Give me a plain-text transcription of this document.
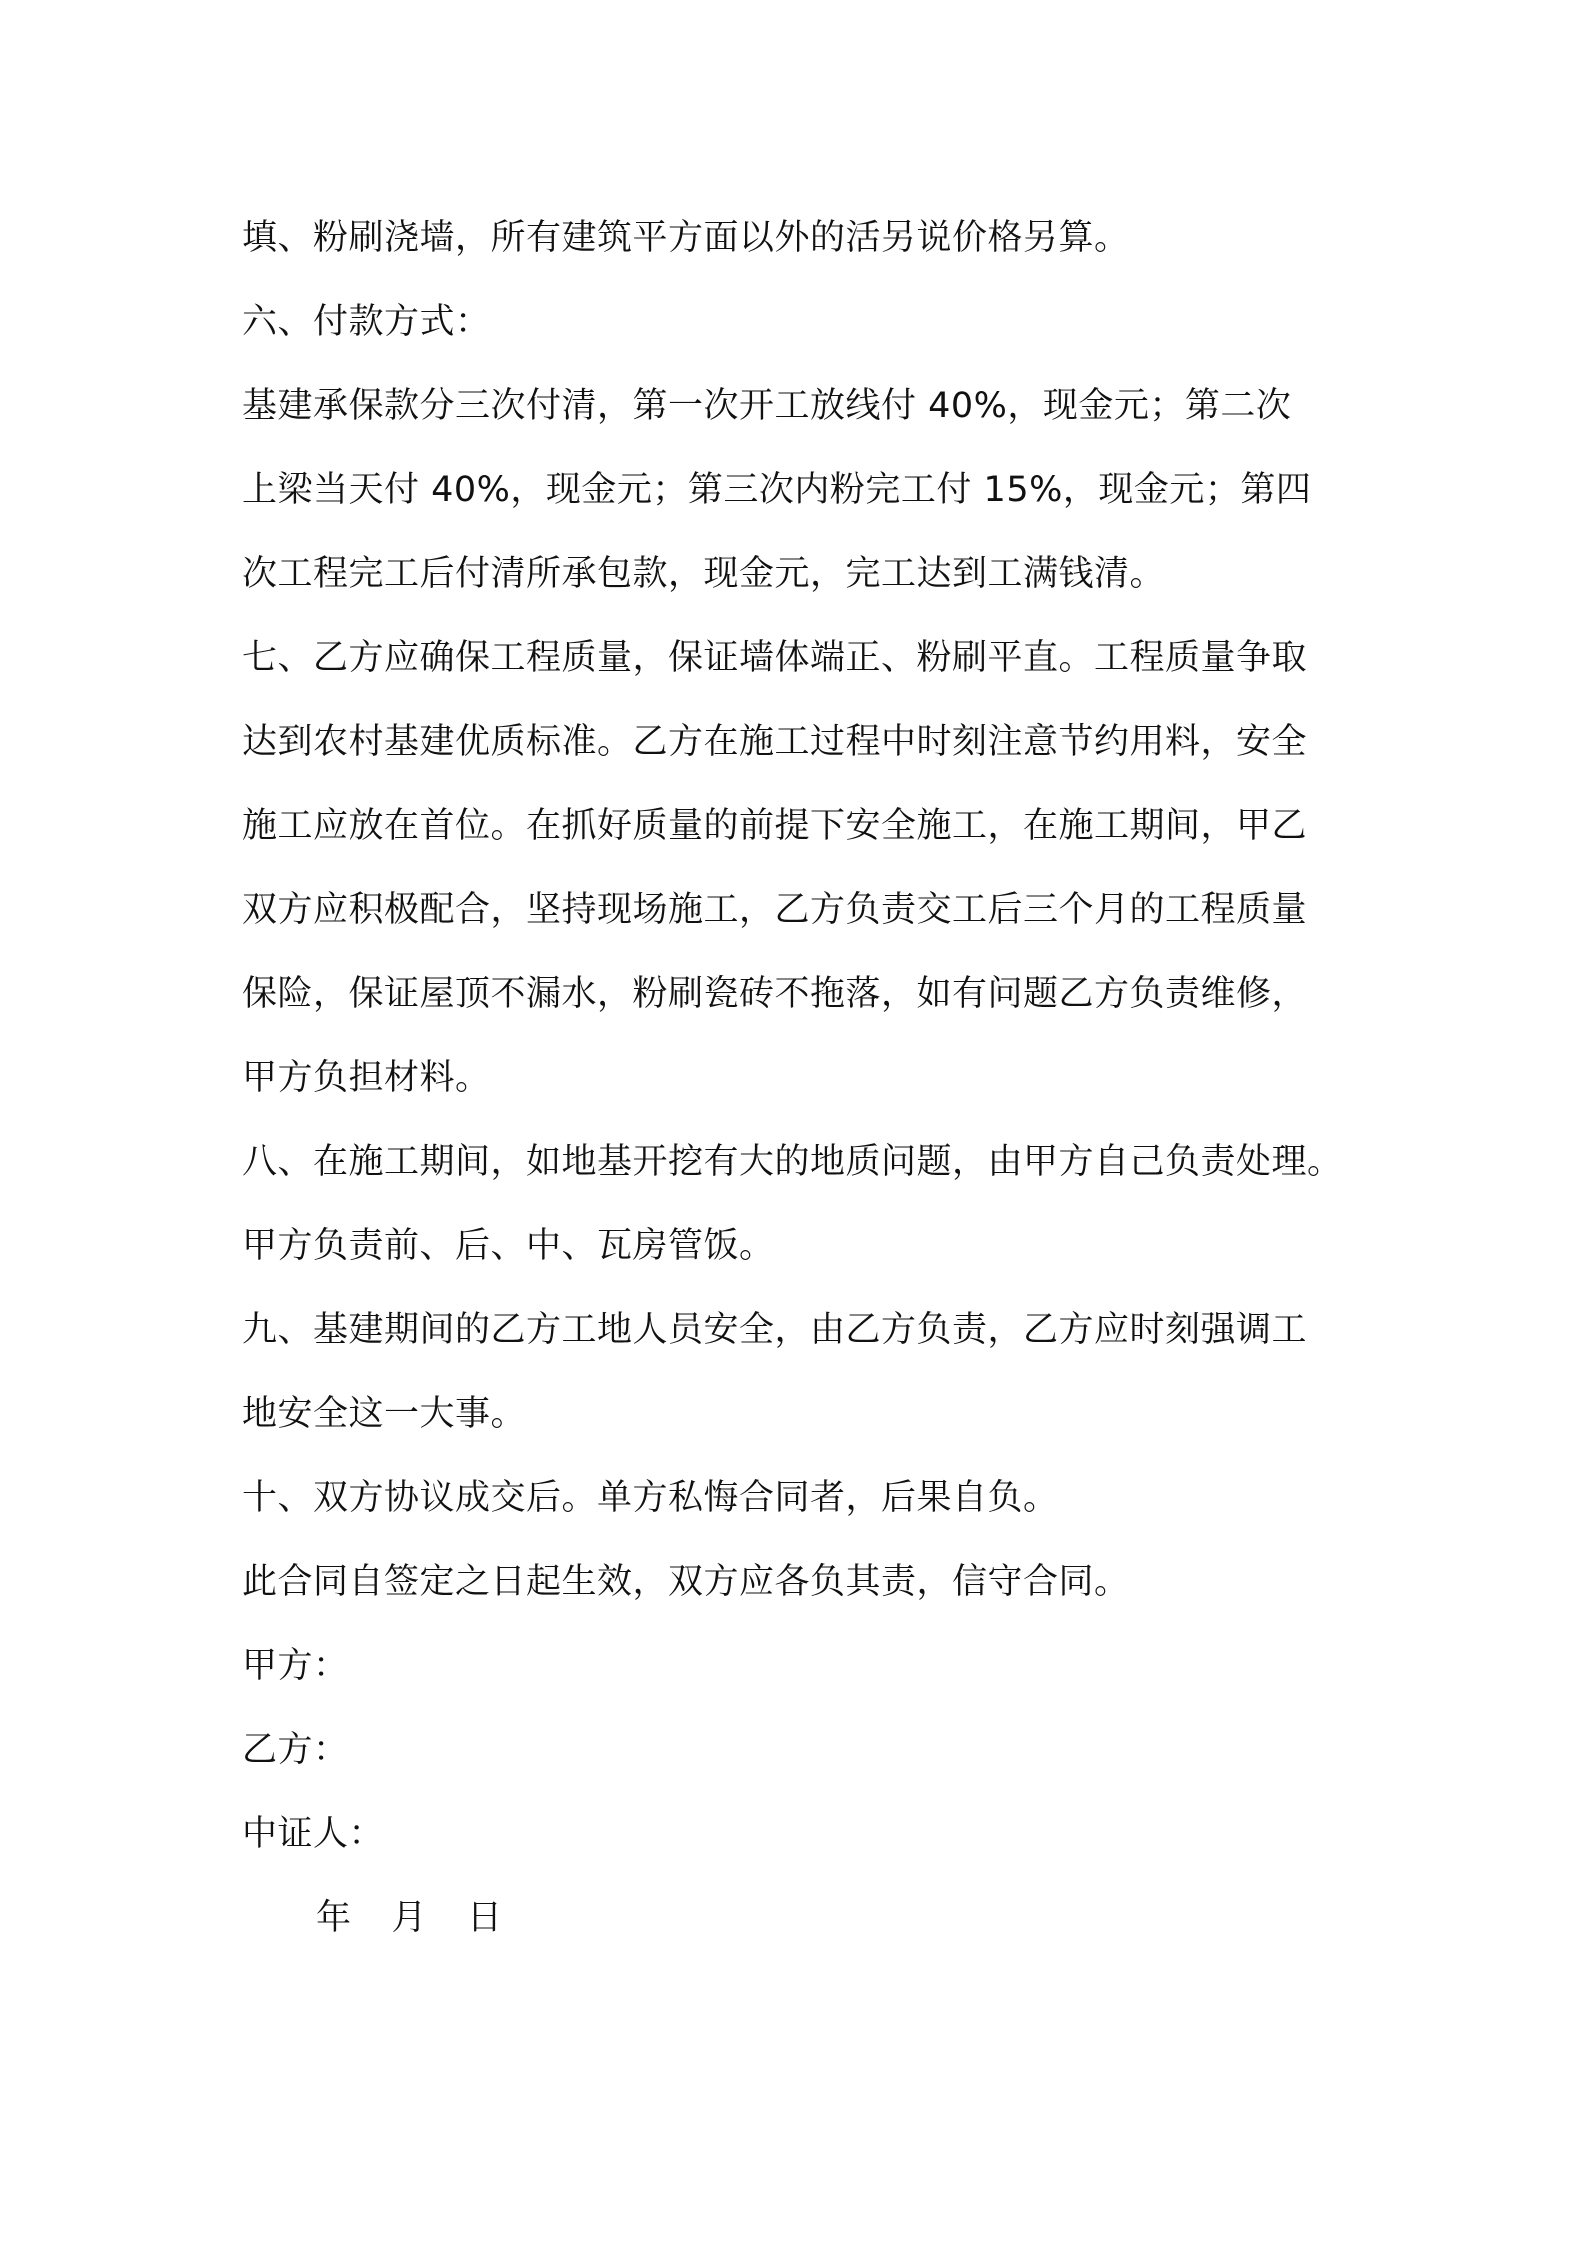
填、粉刷浇墙，所有建筑平方面以外的活另说价格另算。
六、付款方式：
基建承保款分三次付清，第一次开工放线付 40%，现金元；第二次
上梁当天付 40%，现金元；第三次内粉完工付 15%，现金元；第四
次工程完工后付清所承包款，现金元，完工达到工满钱清。
七、乙方应确保工程质量，保证墙体端正、粉刷平直。工程质量争取
达到农村基建优质标准。乙方在施工过程中时刻注意节约用料，安全
施工应放在首位。在抓好质量的前提下安全施工，在施工期间，甲乙
双方应积极配合，坚持现场施工，乙方负责交工后三个月的工程质量
保险，保证屋顶不漏水，粉刷瓷砖不拖落，如有问题乙方负责维修，
甲方负担材料。
八、在施工期间，如地基开挖有大的地质问题，由甲方自己负责处理。
甲方负责前、后、中、瓦房管饭。
九、基建期间的乙方工地人员安全，由乙方负责，乙方应时刻强调工
地安全这一大事。
十、双方协议成交后。单方私悔合同者，后果自负。
此合同自签定之日起生效，双方应各负其责，信守合同。
甲方：
乙方：
中证人：
年 月 日
